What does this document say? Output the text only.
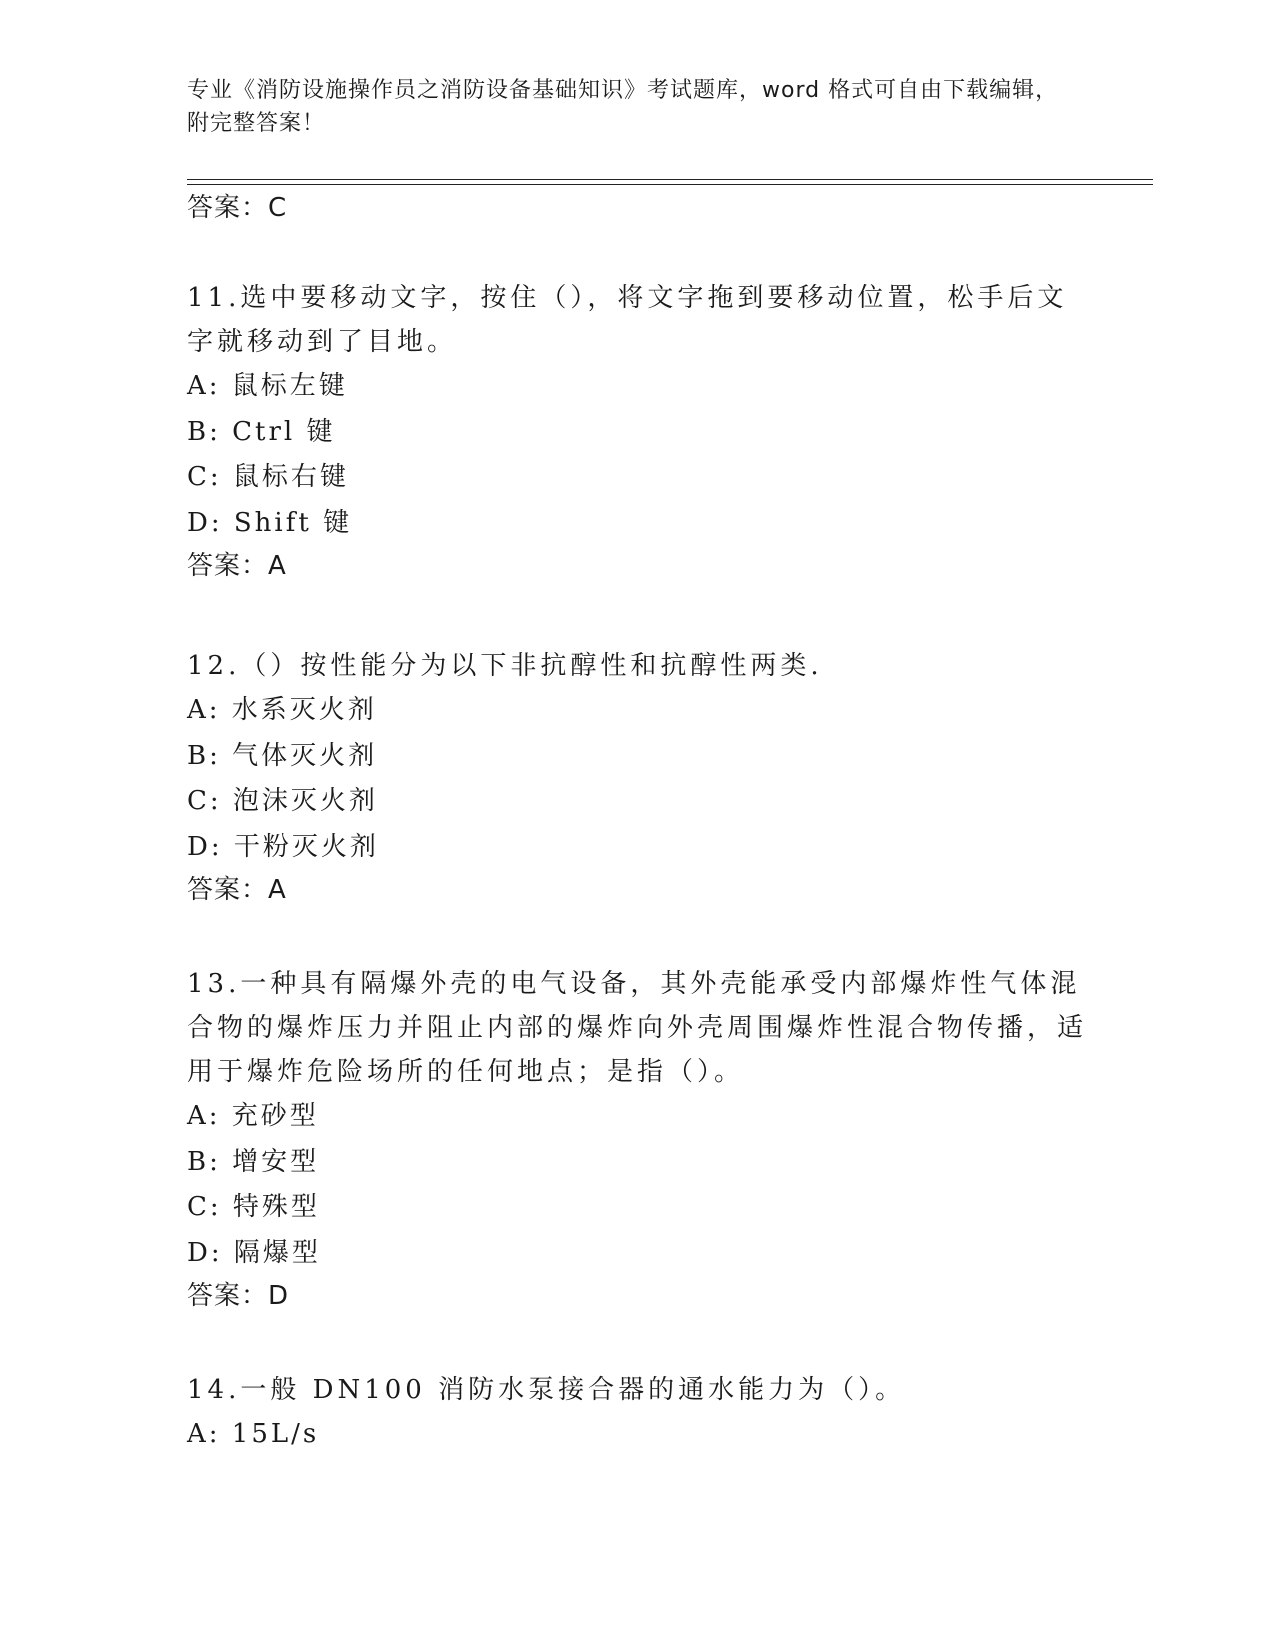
专业《消防设施操作员之消防设备基础知识》考试题库，word 格式可自由下载编辑，附完整答案！
答案：C

11.选中要移动文字，按住（），将文字拖到要移动位置，松手后文字就移动到了目地。

A: 鼠标左键

B: Ctrl 键

C: 鼠标右键

D: Shift 键

答案：A

12.（）按性能分为以下非抗醇性和抗醇性两类.

A: 水系灭火剂

B: 气体灭火剂

C: 泡沫灭火剂

D: 干粉灭火剂

答案：A

13.一种具有隔爆外壳的电气设备，其外壳能承受内部爆炸性气体混合物的爆炸压力并阻止内部的爆炸向外壳周围爆炸性混合物传播，适用于爆炸危险场所的任何地点；是指（）。

A: 充砂型

B: 增安型

C: 特殊型

D: 隔爆型

答案：D

14.一般 DN100 消防水泵接合器的通水能力为（）。

A: 15L/s
